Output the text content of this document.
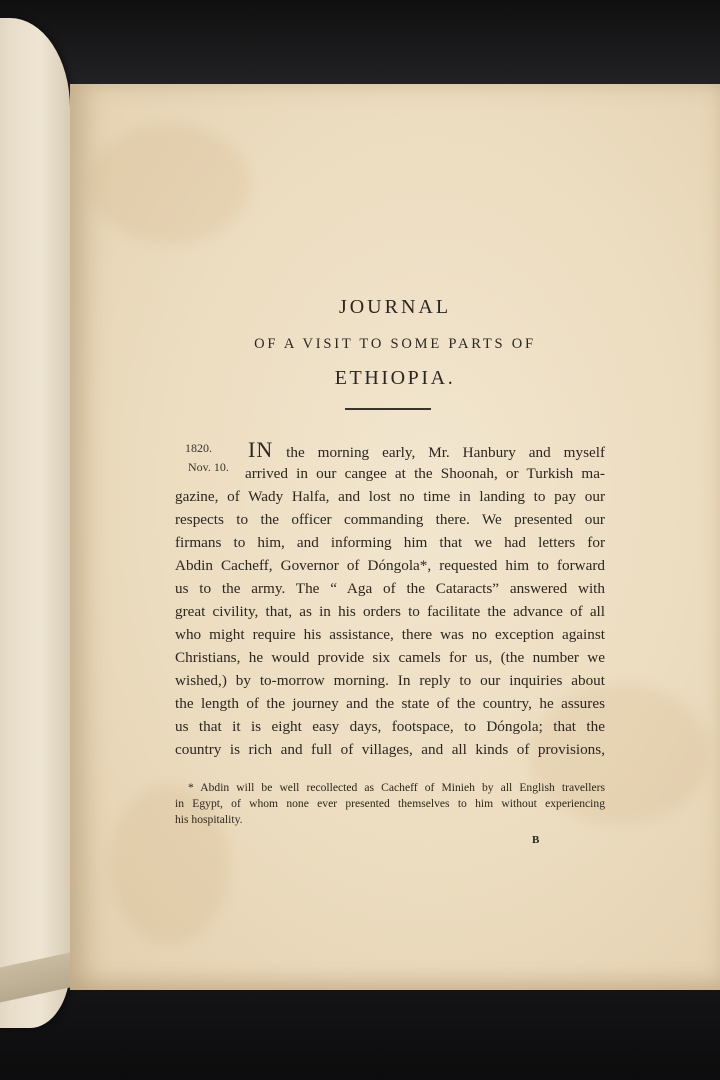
JOURNAL
OF A VISIT TO SOME PARTS OF
ETHIOPIA.
1820.
Nov. 10.
IN the morning early, Mr. Hanbury and myself
arrived in our cangee at the Shoonah, or Turkish ma-
gazine, of Wady Halfa, and lost no time in landing to pay our
respects to the officer commanding there. We presented our
firmans to him, and informing him that we had letters for
Abdin Cacheff, Governor of Dóngola*, requested him to forward
us to the army. The “ Aga of the Cataracts” answered with
great civility, that, as in his orders to facilitate the advance of all
who might require his assistance, there was no exception against
Christians, he would provide six camels for us, (the number we
wished,) by to-morrow morning. In reply to our inquiries about
the length of the journey and the state of the country, he assures
us that it is eight easy days, footspace, to Dóngola; that the
country is rich and full of villages, and all kinds of provisions,
* Abdin will be well recollected as Cacheff of Minieh by all English travellers
in Egypt, of whom none ever presented themselves to him without experiencing
his hospitality.
B
